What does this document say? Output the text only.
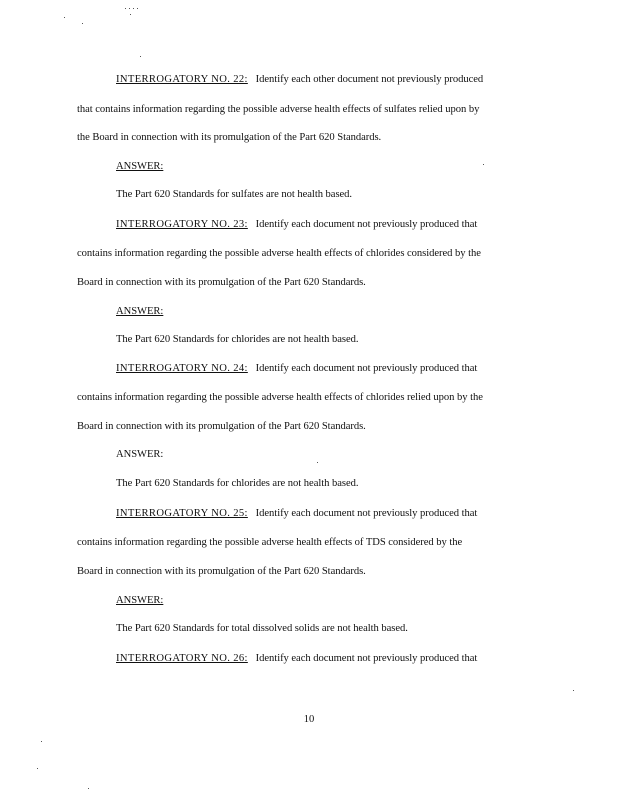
INTERROGATORY NO. 22: Identify each other document not previously produced
that contains information regarding the possible adverse health effects of sulfates relied upon by
the Board in connection with its promulgation of the Part 620 Standards.
ANSWER:
The Part 620 Standards for sulfates are not health based.
INTERROGATORY NO. 23: Identify each document not previously produced that
contains information regarding the possible adverse health effects of chlorides considered by the
Board in connection with its promulgation of the Part 620 Standards.
ANSWER:
The Part 620 Standards for chlorides are not health based.
INTERROGATORY NO. 24: Identify each document not previously produced that
contains information regarding the possible adverse health effects of chlorides relied upon by the
Board in connection with its promulgation of the Part 620 Standards.
ANSWER:
The Part 620 Standards for chlorides are not health based.
INTERROGATORY NO. 25: Identify each document not previously produced that
contains information regarding the possible adverse health effects of TDS considered by the
Board in connection with its promulgation of the Part 620 Standards.
ANSWER:
The Part 620 Standards for total dissolved solids are not health based.
INTERROGATORY NO. 26: Identify each document not previously produced that
10
